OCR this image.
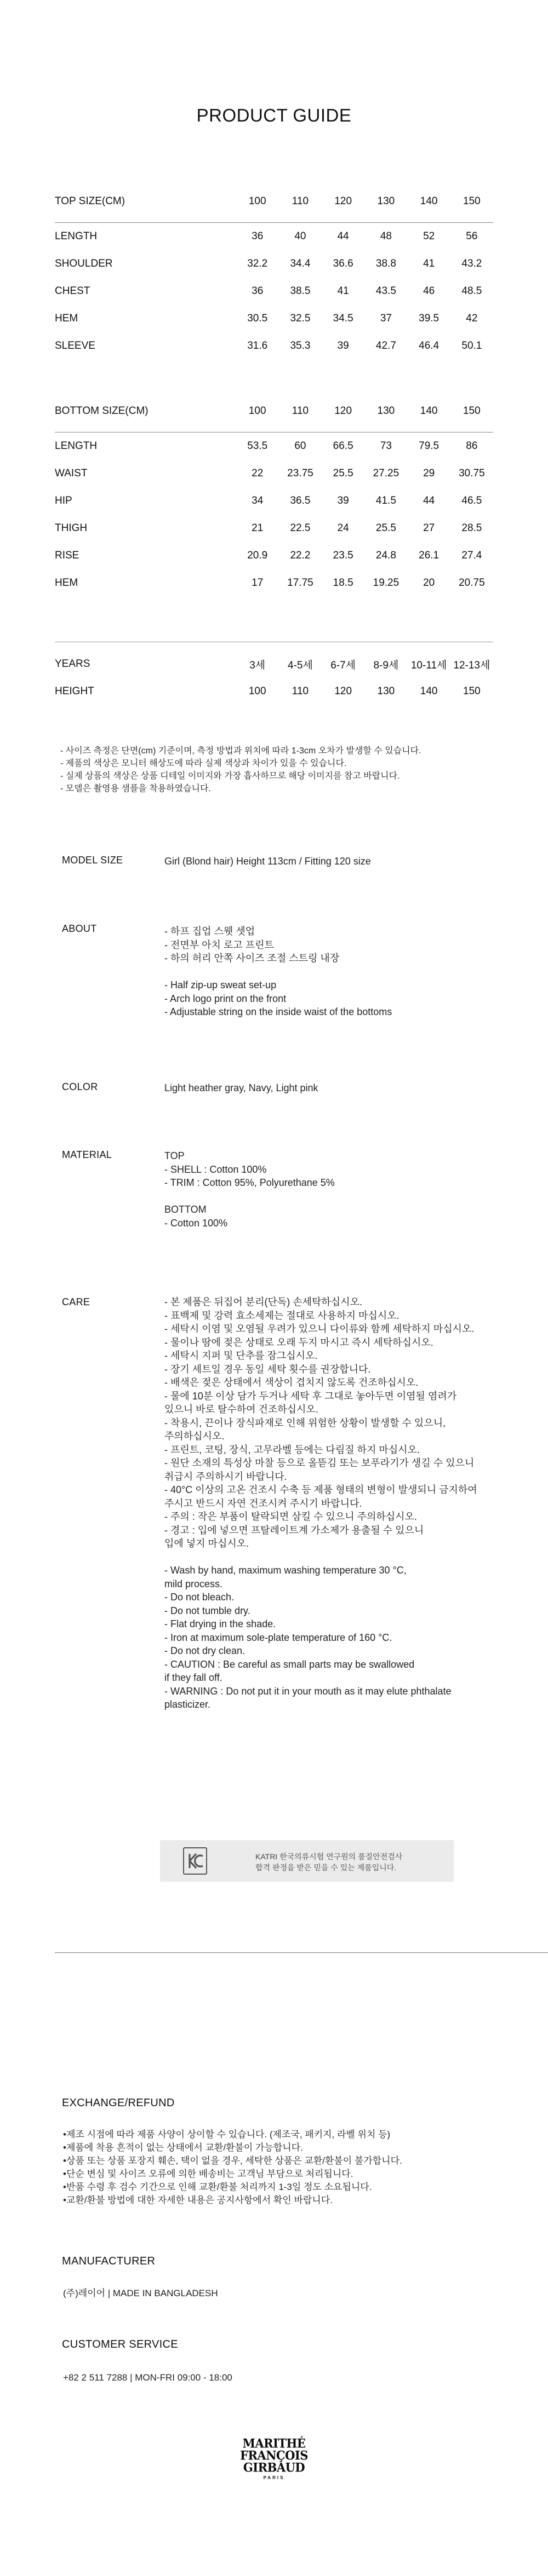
PRODUCT GUIDE
TOP SIZE(CM)	100	110	120	130	140	150
LENGTH	36	40	44	48	52	56
SHOULDER	32.2	34.4	36.6	38.8	41	43.2
CHEST	36	38.5	41	43.5	46	48.5
HEM	30.5	32.5	34.5	37	39.5	42
SLEEVE	31.6	35.3	39	42.7	46.4	50.1
BOTTOM SIZE(CM)	100	110	120	130	140	150
LENGTH	53.5	60	66.5	73	79.5	86
WAIST	22	23.75	25.5	27.25	29	30.75
HIP	34	36.5	39	41.5	44	46.5
THIGH	21	22.5	24	25.5	27	28.5
RISE	20.9	22.2	23.5	24.8	26.1	27.4
HEM	17	17.75	18.5	19.25	20	20.75
YEARS	3세	4-5세	6-7세	8-9세	10-11세	12-13세
HEIGHT	100	110	120	130	140	150
- 사이즈 측정은 단면(cm) 기준이며, 측정 방법과 위치에 따라 1-3cm 오차가 발생할 수 있습니다.
- 제품의 색상은 모니터 해상도에 따라 실제 색상과 차이가 있을 수 있습니다.
- 실제 상품의 색상은 상품 디테일 이미지와 가장 흡사하므로 해당 이미지를 참고 바랍니다.
- 모델은 촬영용 샘플을 착용하였습니다.
MODEL SIZE	Girl (Blond hair) Height 113cm / Fitting 120 size
ABOUT	- 하프 집업 스웻 셋업
- 전면부 아치 로고 프린트
- 하의 허리 안쪽 사이즈 조절 스트링 내장
- Half zip-up sweat set-up
- Arch logo print on the front
- Adjustable string on the inside waist of the bottoms
COLOR	Light heather gray, Navy, Light pink
MATERIAL	TOP
- SHELL : Cotton 100%
- TRIM : Cotton 95%, Polyurethane 5%
BOTTOM
- Cotton 100%
CARE	- 본 제품은 뒤집어 분리(단독) 손세탁하십시오.
- 표백제 및 강력 효소세제는 절대로 사용하지 마십시오.
- 세탁시 이염 및 오염될 우려가 있으니 다이류와 함께 세탁하지 마십시오.
- 물이나 땀에 젖은 상태로 오래 두지 마시고 즉시 세탁하십시오.
- 세탁시 지퍼 및 단추를 잠그십시오.
- 장기 세트일 경우 동일 세탁 횟수를 권장합니다.
- 배색은 젖은 상태에서 색상이 겹치지 않도록 건조하십시오.
- 물에 10분 이상 담가 두거나 세탁 후 그대로 놓아두면 이염될 염려가
있으니 바로 탈수하여 건조하십시오.
- 착용시, 끈이나 장식파재로 인해 위험한 상황이 발생할 수 있으니,
주의하십시오.
- 프린트, 코팅, 장식, 고무라벨 등에는 다림질 하지 마십시오.
- 원단 소재의 특성상 마찰 등으로 올뜯김 또는 보푸라기가 생길 수 있으니
취급시 주의하시기 바랍니다.
- 40°C 이상의 고온 건조시 수축 등 제품 형태의 변형이 발생되니 금지하여
주시고 반드시 자연 건조시켜 주시기 바랍니다.
- 주의 : 작은 부품이 탈락되면 삼킬 수 있으니 주의하십시오.
- 경고 : 입에 넣으면 프탈레이트계 가소제가 용출될 수 있으니
입에 넣지 마십시오.
- Wash by hand, maximum washing temperature 30 °C,
mild process.
- Do not bleach.
- Do not tumble dry.
- Flat drying in the shade.
- Iron at maximum sole-plate temperature of 160 °C.
- Do not dry clean.
- CAUTION : Be careful as small parts may be swallowed
if they fall off.
- WARNING : Do not put it in your mouth as it may elute phthalate
plasticizer.
KATRI 한국의류시험 연구원의 품질안전검사
합격 판정을 받은 믿을 수 있는 제품입니다.
EXCHANGE/REFUND
•제조 시점에 따라 제품 사양이 상이할 수 있습니다. (제조국, 패키지, 라벨 위치 등)
•제품에 착용 흔적이 없는 상태에서 교환/환불이 가능합니다.
•상품 또는 상품 포장지 훼손, 택이 없을 경우, 세탁한 상품은 교환/환불이 불가합니다.
•단순 변심 및 사이즈 오류에 의한 배송비는 고객님 부담으로 처리됩니다.
•반품 수령 후 검수 기간으로 인해 교환/환불 처리까지 1-3일 정도 소요됩니다.
•교환/환불 방법에 대한 자세한 내용은 공지사항에서 확인 바랍니다.
MANUFACTURER
(주)레이어 | MADE IN BANGLADESH
CUSTOMER SERVICE
+82 2 511 7288 | MON-FRI 09:00 - 18:00
MARITHÉ
FRANÇOIS
GIRBAUD
PARIS
